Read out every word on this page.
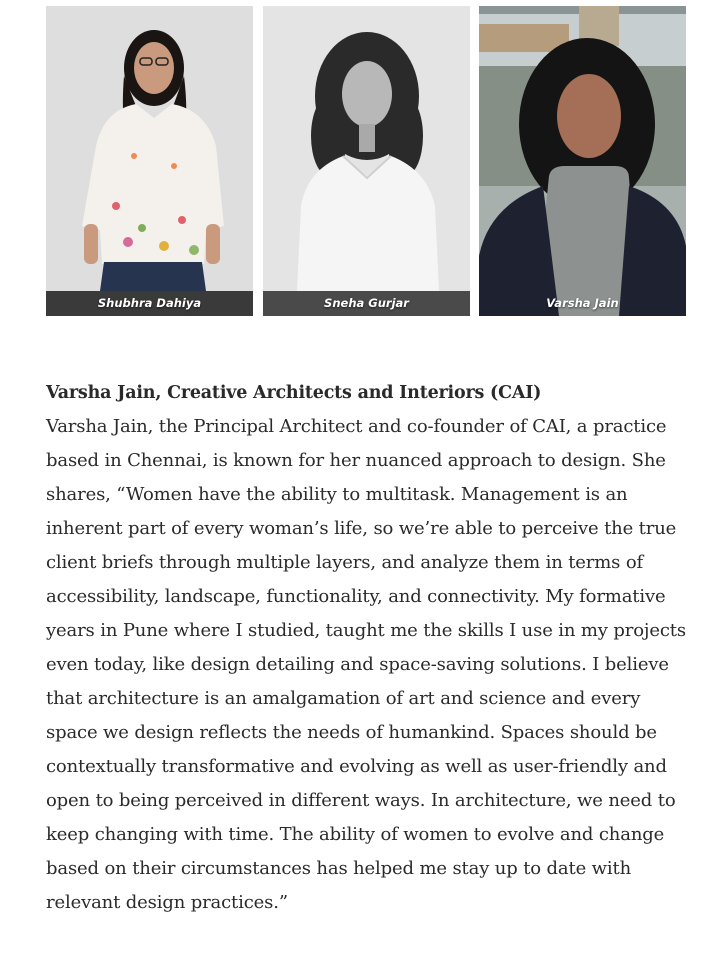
Shubhra Dahiya	Sneha Gurjar	Varsha Jain

Varsha Jain, Creative Architects and Interiors (CAI)

Varsha Jain, the Principal Architect and co-founder of CAI, a practice based in Chennai, is known for her nuanced approach to design. She shares, “Women have the ability to multitask. Management is an inherent part of every woman’s life, so we’re able to perceive the true client briefs through multiple layers, and analyze them in terms of accessibility, landscape, functionality, and connectivity. My formative years in Pune where I studied, taught me the skills I use in my projects even today, like design detailing and space-saving solutions. I believe that architecture is an amalgamation of art and science and every space we design reflects the needs of humankind. Spaces should be contextually transformative and evolving as well as user-friendly and open to being perceived in different ways. In architecture, we need to keep changing with time. The ability of women to evolve and change based on their circumstances has helped me stay up to date with relevant design practices.”
